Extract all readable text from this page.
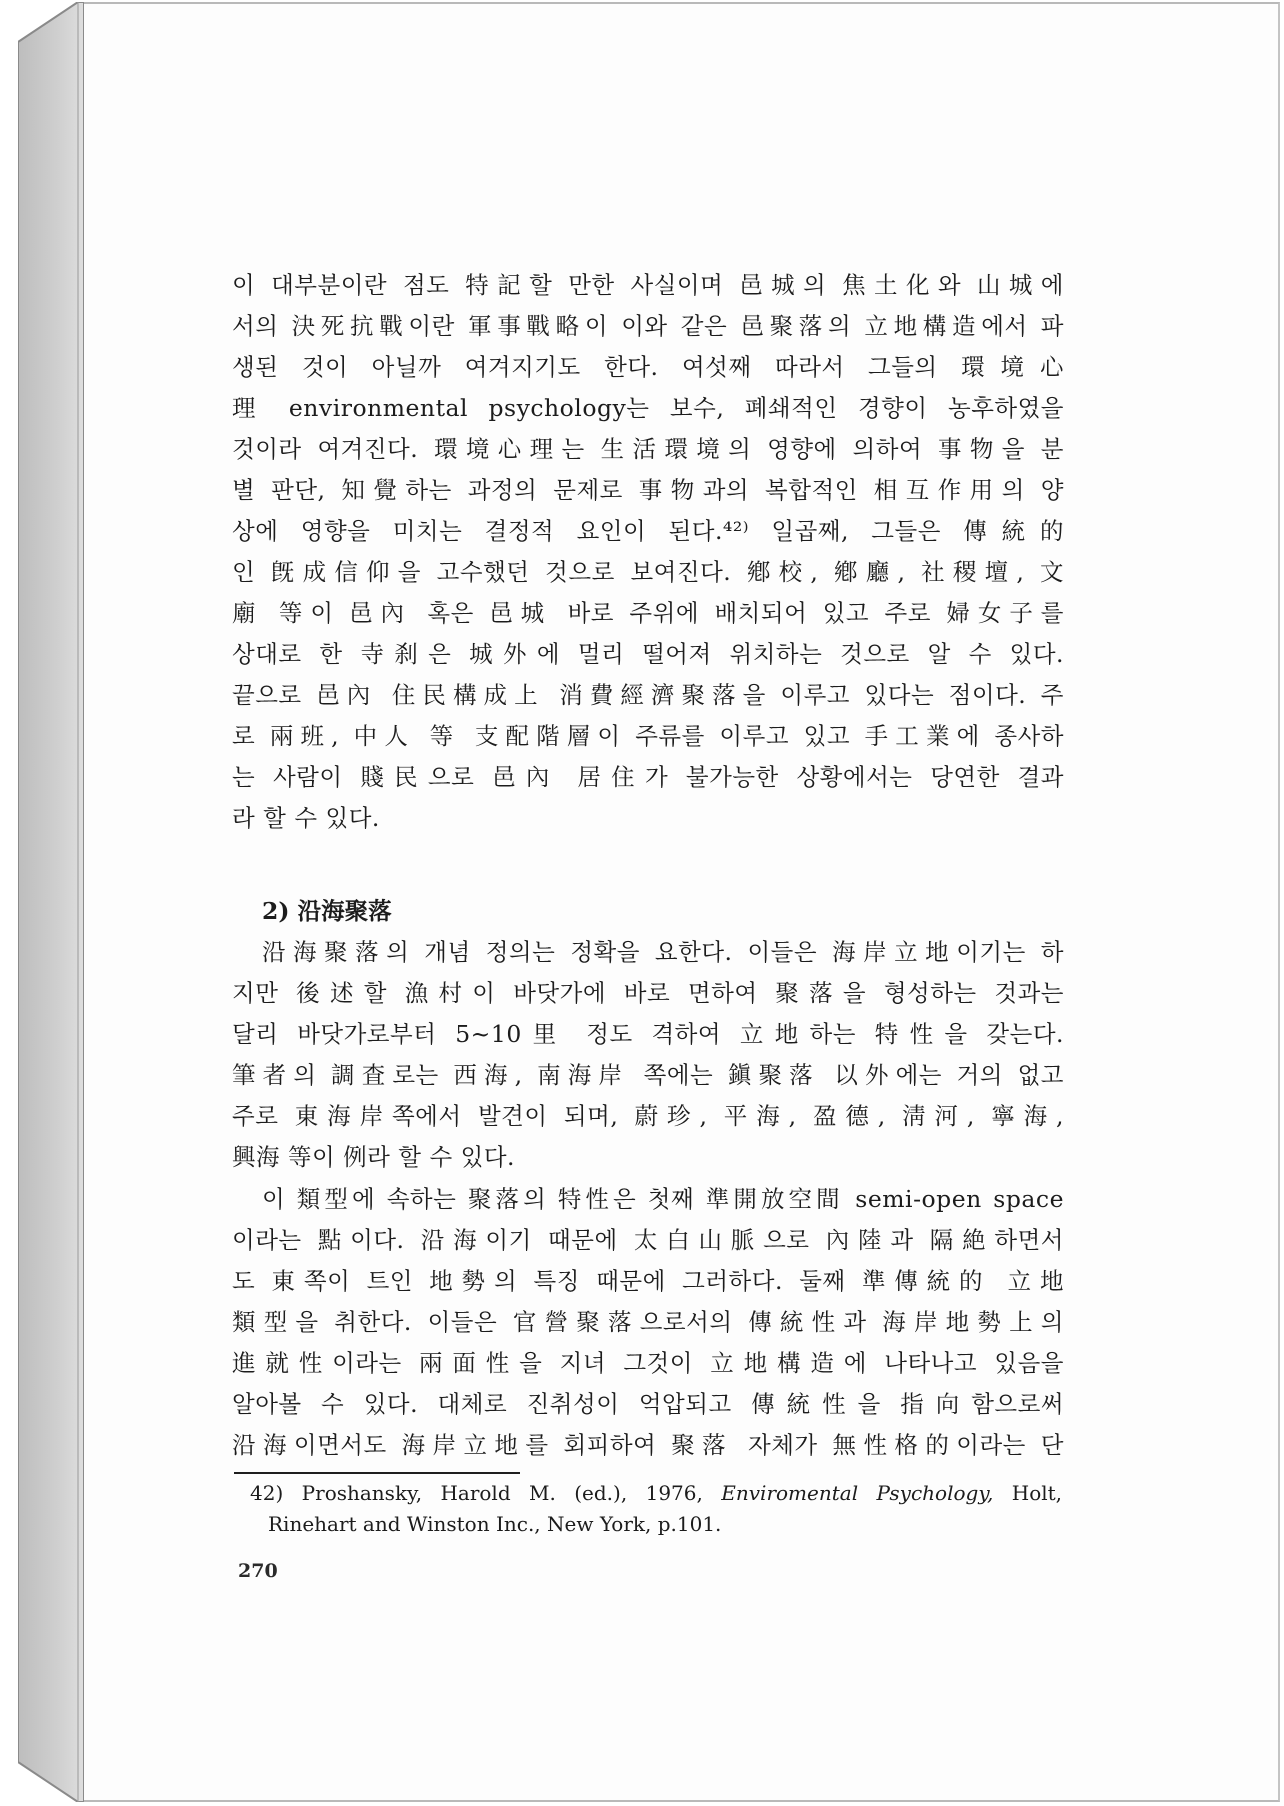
이 대부분이란 점도 特記할 만한 사실이며 邑城의 焦土化와 山城에
서의 決死抗戰이란 軍事戰略이 이와 같은 邑聚落의 立地構造에서 파
생된 것이 아닐까 여겨지기도 한다. 여섯째 따라서 그들의 環境心
理 environmental psychology는 보수, 폐쇄적인 경향이 농후하였을
것이라 여겨진다. 環境心理는 生活環境의 영향에 의하여 事物을 분
별 판단, 知覺하는 과정의 문제로 事物과의 복합적인 相互作用의 양
상에 영향을 미치는 결정적 요인이 된다.⁴²⁾ 일곱째, 그들은 傳統的
인 旣成信仰을 고수했던 것으로 보여진다. 鄕校, 鄕廳, 社稷壇, 文
廟 等이 邑內 혹은 邑城 바로 주위에 배치되어 있고 주로 婦女子를
상대로 한 寺刹은 城外에 멀리 떨어져 위치하는 것으로 알 수 있다.
끝으로 邑內 住民構成上 消費經濟聚落을 이루고 있다는 점이다. 주
로 兩班, 中人 等 支配階層이 주류를 이루고 있고 手工業에 종사하
는 사람이 賤民으로 邑內 居住가 불가능한 상황에서는 당연한 결과
라 할 수 있다.
2) 沿海聚落
沿海聚落의 개념 정의는 정확을 요한다. 이들은 海岸立地이기는 하
지만 後述할 漁村이 바닷가에 바로 면하여 聚落을 형성하는 것과는
달리 바닷가로부터 5~10里 정도 격하여 立地하는 特性을 갖는다.
筆者의 調査로는 西海, 南海岸 쪽에는 鎭聚落 以外에는 거의 없고
주로 東海岸쪽에서 발견이 되며, 蔚珍, 平海, 盈德, 淸河, 寧海,
興海 等이 例라 할 수 있다.
이 類型에 속하는 聚落의 特性은 첫째 準開放空間 semi-open space
이라는 點이다. 沿海이기 때문에 太白山脈으로 內陸과 隔絶하면서
도 東쪽이 트인 地勢의 특징 때문에 그러하다. 둘째 準傳統的 立地
類型을 취한다. 이들은 官營聚落으로서의 傳統性과 海岸地勢上의
進就性이라는 兩面性을 지녀 그것이 立地構造에 나타나고 있음을
알아볼 수 있다. 대체로 진취성이 억압되고 傳統性을 指向함으로써
沿海이면서도 海岸立地를 회피하여 聚落 자체가 無性格的이라는 단
42) Proshansky, Harold M. (ed.), 1976, Enviromental Psychology, Holt,
Rinehart and Winston Inc., New York, p.101.
270
